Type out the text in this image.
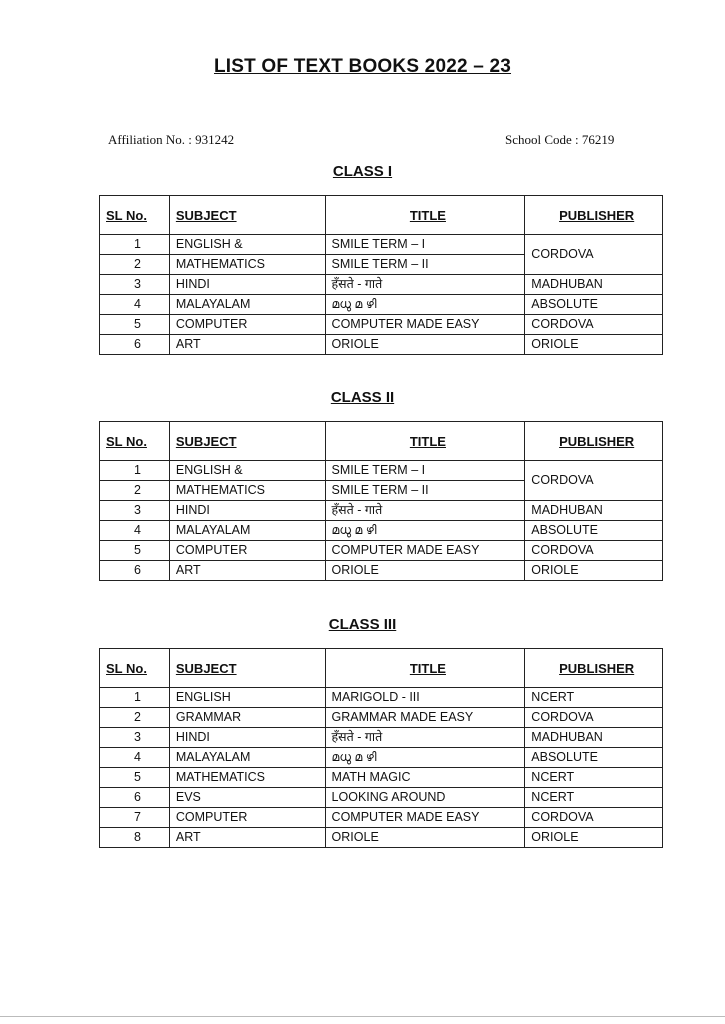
LIST OF TEXT BOOKS 2022 – 23
Affiliation No. : 931242	School Code : 76219
CLASS I
SL No.	SUBJECT	TITLE	PUBLISHER
1	ENGLISH &	SMILE TERM – I	CORDOVA
2	MATHEMATICS	SMILE TERM – II	
3	HINDI	हँसते - गाते	MADHUBAN
4	MALAYALAM	മധു മ ഴി	ABSOLUTE
5	COMPUTER	COMPUTER MADE EASY	CORDOVA
6	ART	ORIOLE	ORIOLE
CLASS II
SL No.	SUBJECT	TITLE	PUBLISHER
1	ENGLISH &	SMILE TERM – I	CORDOVA
2	MATHEMATICS	SMILE TERM – II	
3	HINDI	हँसते - गाते	MADHUBAN
4	MALAYALAM	മധു മ ഴി	ABSOLUTE
5	COMPUTER	COMPUTER MADE EASY	CORDOVA
6	ART	ORIOLE	ORIOLE
CLASS III
SL No.	SUBJECT	TITLE	PUBLISHER
1	ENGLISH	MARIGOLD - III	NCERT
2	GRAMMAR	GRAMMAR MADE EASY	CORDOVA
3	HINDI	हँसते - गाते	MADHUBAN
4	MALAYALAM	മധു മ ഴി	ABSOLUTE
5	MATHEMATICS	MATH MAGIC	NCERT
6	EVS	LOOKING AROUND	NCERT
7	COMPUTER	COMPUTER MADE EASY	CORDOVA
8	ART	ORIOLE	ORIOLE
